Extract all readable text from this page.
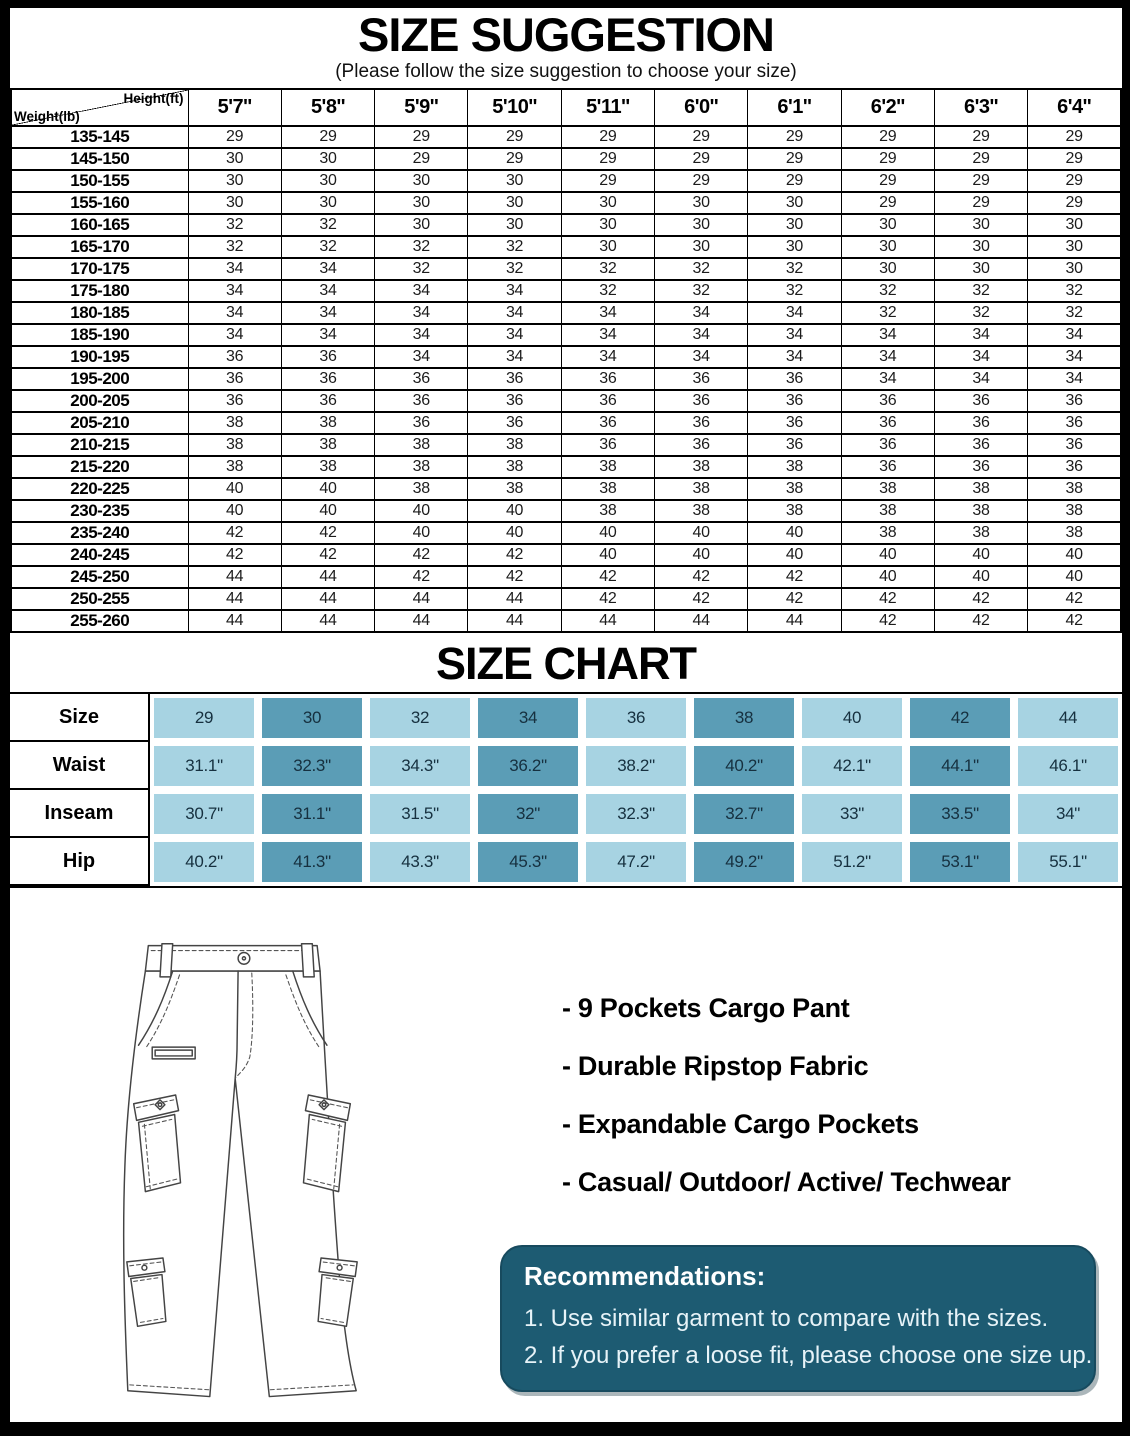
SIZE SUGGESTION

(Please follow the size suggestion to choose your size)

Height(ft)
Weight(lb)	5'7''	5'8''	5'9''	5'10''	5'11''	6'0''	6'1''	6'2''	6'3''	6'4''
135-145	29	29	29	29	29	29	29	29	29	29
145-150	30	30	29	29	29	29	29	29	29	29
150-155	30	30	30	30	29	29	29	29	29	29
155-160	30	30	30	30	30	30	30	29	29	29
160-165	32	32	30	30	30	30	30	30	30	30
165-170	32	32	32	32	30	30	30	30	30	30
170-175	34	34	32	32	32	32	32	30	30	30
175-180	34	34	34	34	32	32	32	32	32	32
180-185	34	34	34	34	34	34	34	32	32	32
185-190	34	34	34	34	34	34	34	34	34	34
190-195	36	36	34	34	34	34	34	34	34	34
195-200	36	36	36	36	36	36	36	34	34	34
200-205	36	36	36	36	36	36	36	36	36	36
205-210	38	38	36	36	36	36	36	36	36	36
210-215	38	38	38	38	36	36	36	36	36	36
215-220	38	38	38	38	38	38	38	36	36	36
220-225	40	40	38	38	38	38	38	38	38	38
230-235	40	40	40	40	38	38	38	38	38	38
235-240	42	42	40	40	40	40	40	38	38	38
240-245	42	42	42	42	40	40	40	40	40	40
245-250	44	44	42	42	42	42	42	40	40	40
250-255	44	44	44	44	42	42	42	42	42	42
255-260	44	44	44	44	44	44	44	42	42	42
SIZE CHART
Size	29	30	32	34	36	38	40	42	44
Waist	31.1"	32.3"	34.3"	36.2"	38.2"	40.2"	42.1"	44.1"	46.1"
Inseam	30.7"	31.1"	31.5"	32"	32.3"	32.7"	33"	33.5"	34"
Hip	40.2"	41.3"	43.3"	45.3"	47.2"	49.2"	51.2"	53.1"	55.1"
- 9 Pockets Cargo Pant
- Durable Ripstop Fabric
- Expandable Cargo Pockets
- Casual/ Outdoor/ Active/ Techwear
Recommendations:
1. Use similar garment to compare with the sizes.
2. If you prefer a loose fit, please choose one size up.
